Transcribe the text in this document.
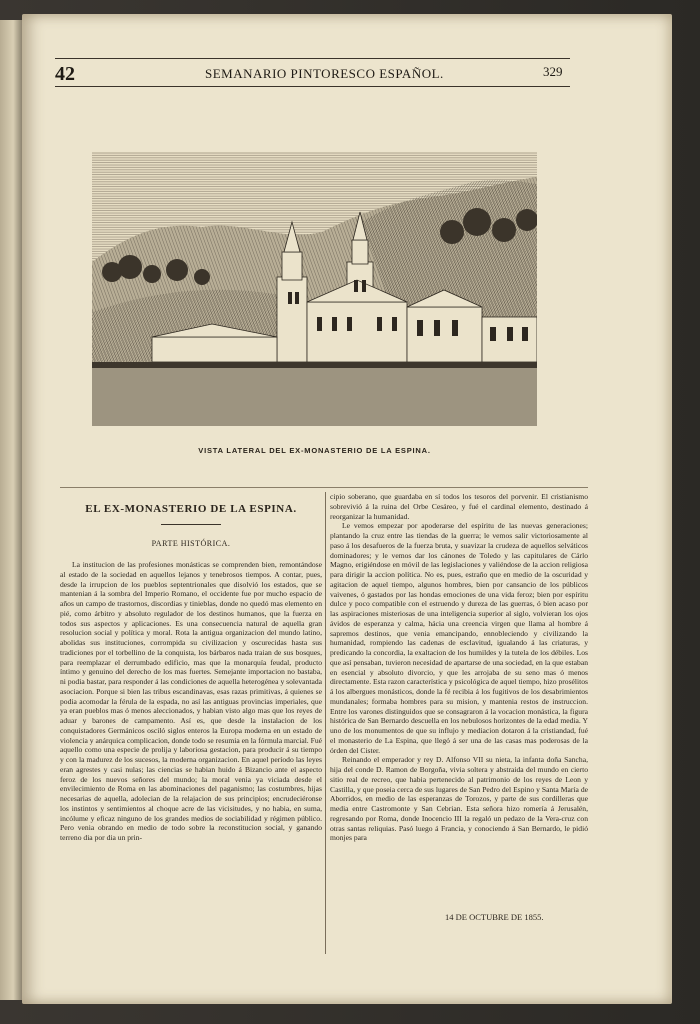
42	SEMANARIO PINTORESCO ESPAÑOL.	329
VISTA LATERAL DEL EX-MONASTERIO DE LA ESPINA.
EL EX-MONASTERIO DE LA ESPINA.
PARTE HISTÓRICA.

La institucion de las profesiones monásticas se comprenden bien, remontándose al estado de la sociedad en aquellos lejanos y tenebrosos tiempos. A contar, pues, desde la irrupcion de los pueblos septentrionales que disolvió los estados, que se mantenian á la sombra del Imperio Romano, el occidente fue por mucho espacio de años un campo de trastornos, discordias y tinieblas, donde no quedó mas elemento en pié, como árbitro y absoluto regulador de los destinos humanos, que la fuerza en todos sus aspectos y aplicaciones. Es una consecuencia natural de aquella gran resolucion social y política y moral. Rota la antigua organizacion del mundo latino, abolidas sus instituciones, corrompida su civilizacion y oscurecidas hasta sus tradiciones por el torbellino de la conquista, los bárbaros nada traian de sus bosques, para reemplazar el derrumbado edificio, mas que la monarquía feudal, producto íntimo y genuino del derecho de los mas fuertes. Semejante importacion no bastaba, ni podia bastar, para responder á las condiciones de aquella heterogénea y solevantada asociacion. Porque si bien las tribus escandinavas, esas razas primitivas, á quienes se podia acomodar la férula de la espada, no así las antiguas provincias imperiales, que ya eran pueblos mas ó menos aleccionados, y habian visto algo mas que los reyes de aduar y barones de campamento. Así es, que desde la instalacion de los conquistadores Germánicos osciló siglos enteros la Europa moderna en un estado de violencia y anárquica complicacion, donde todo se resumia en la fórmula marcial. Fué aquello como una especie de prolija y laboriosa gestacion, para producir á su tiempo y con la madurez de los sucesos, la moderna organizacion. En aquel período las leyes eran agrestes y casi nulas; las ciencias se habian huido á Bizancio ante el aspecto feroz de los nuevos señores del mundo; la moral venia ya viciada desde el envilecimiento de Roma en las abominaciones del paganismo; las costumbres, hijas necesarias de aquella, adolecian de la relajacion de sus principios; encrudeciéronse los instintos y sentimientos al choque acre de las vicisitudes, y no habia, en suma, incólume y eficaz ninguno de los grandes medios de sociabilidad y régimen público. Pero venia obrando en medio de todo sobre la reconstitucion social, y ganando terreno dia por dia un prin-

cipio soberano, que guardaba en sí todos los tesoros del porvenir. El cristianismo sobrevivió á la ruina del Orbe Cesáreo, y fué el cardinal elemento, destinado á reorganizar la humanidad.

Le vemos empezar por apoderarse del espíritu de las nuevas generaciones; plantando la cruz entre las tiendas de la guerra; le vemos salir victoriosamente al paso á los desafueros de la fuerza bruta, y suavizar la crudeza de aquellos selváticos dominadores; y le vemos dar los cánones de Toledo y las capitulares de Cárlo Magno, erigiéndose en móvil de las legislaciones y valiéndose de la accion religiosa para dirigir la accion política. No es, pues, estraño que en medio de la oscuridad y agitacion de aquel tiempo, algunos hombres, bien por cansancio de los públicos vaivenes, ó gastados por las hondas emociones de una vida feroz; bien por espíritu dulce y poco compatible con el estruendo y dureza de las guerras, ó bien acaso por las aspiraciones misteriosas de una inteligencia superior al siglo, volvieran los ojos ávidos de esperanza y calma, hácia una creencia virgen que llama al hombre á sapremos destinos, que venia emancipando, ennobleciendo y civilizando la humanidad, rompiendo las cadenas de esclavitud, igualando á las criaturas, y predicando la concordia, la exaltacion de los humildes y la tutela de los débiles. Los que así pensaban, tuvieron necesidad de apartarse de una sociedad, en la que estaban en esencial y absoluto divorcio, y que les arrojaba de su seno mas ó menos directamente. Esta razon característica y psicológica de aquel tiempo, hizo prosélitos á los albergues monásticos, donde la fé recibia á los fugitivos de los desabrimientos mundanales; formaba hombres para su mision, y mantenia restos de instruccion. Entre los varones distinguidos que se consagraron á la vocacion monástica, la figura histórica de San Bernardo descuella en los nebulosos horizontes de la edad media. Y uno de los monumentos de que su influjo y mediacion dotaron á la cristiandad, fué el monasterio de La Espina, que llegó á ser una de las casas mas poderosas de la órden del Cister.

Reinando el emperador y rey D. Alfonso VII su nieta, la infanta doña Sancha, hija del conde D. Ramon de Borgoña, vivia soltera y abstraida del mundo en cierto sitio real de recreo, que habia pertenecido al patrimonio de los reyes de Leon y Castilla, y que poseia cerca de sus lugares de San Pedro del Espino y Santa María de Aborridos, en medio de las esperanzas de Torozos, y parte de sus cordilleras que media entre Castromonte y San Cebrian. Esta señora hizo romería á Jerusalén, regresando por Roma, donde Inocencio III la regaló un pedazo de la Vera-cruz con otras santas reliquias. Pasó luego á Francia, y conociendo á San Bernardo, le pidió monjes para

14 DE OCTUBRE DE 1855.
